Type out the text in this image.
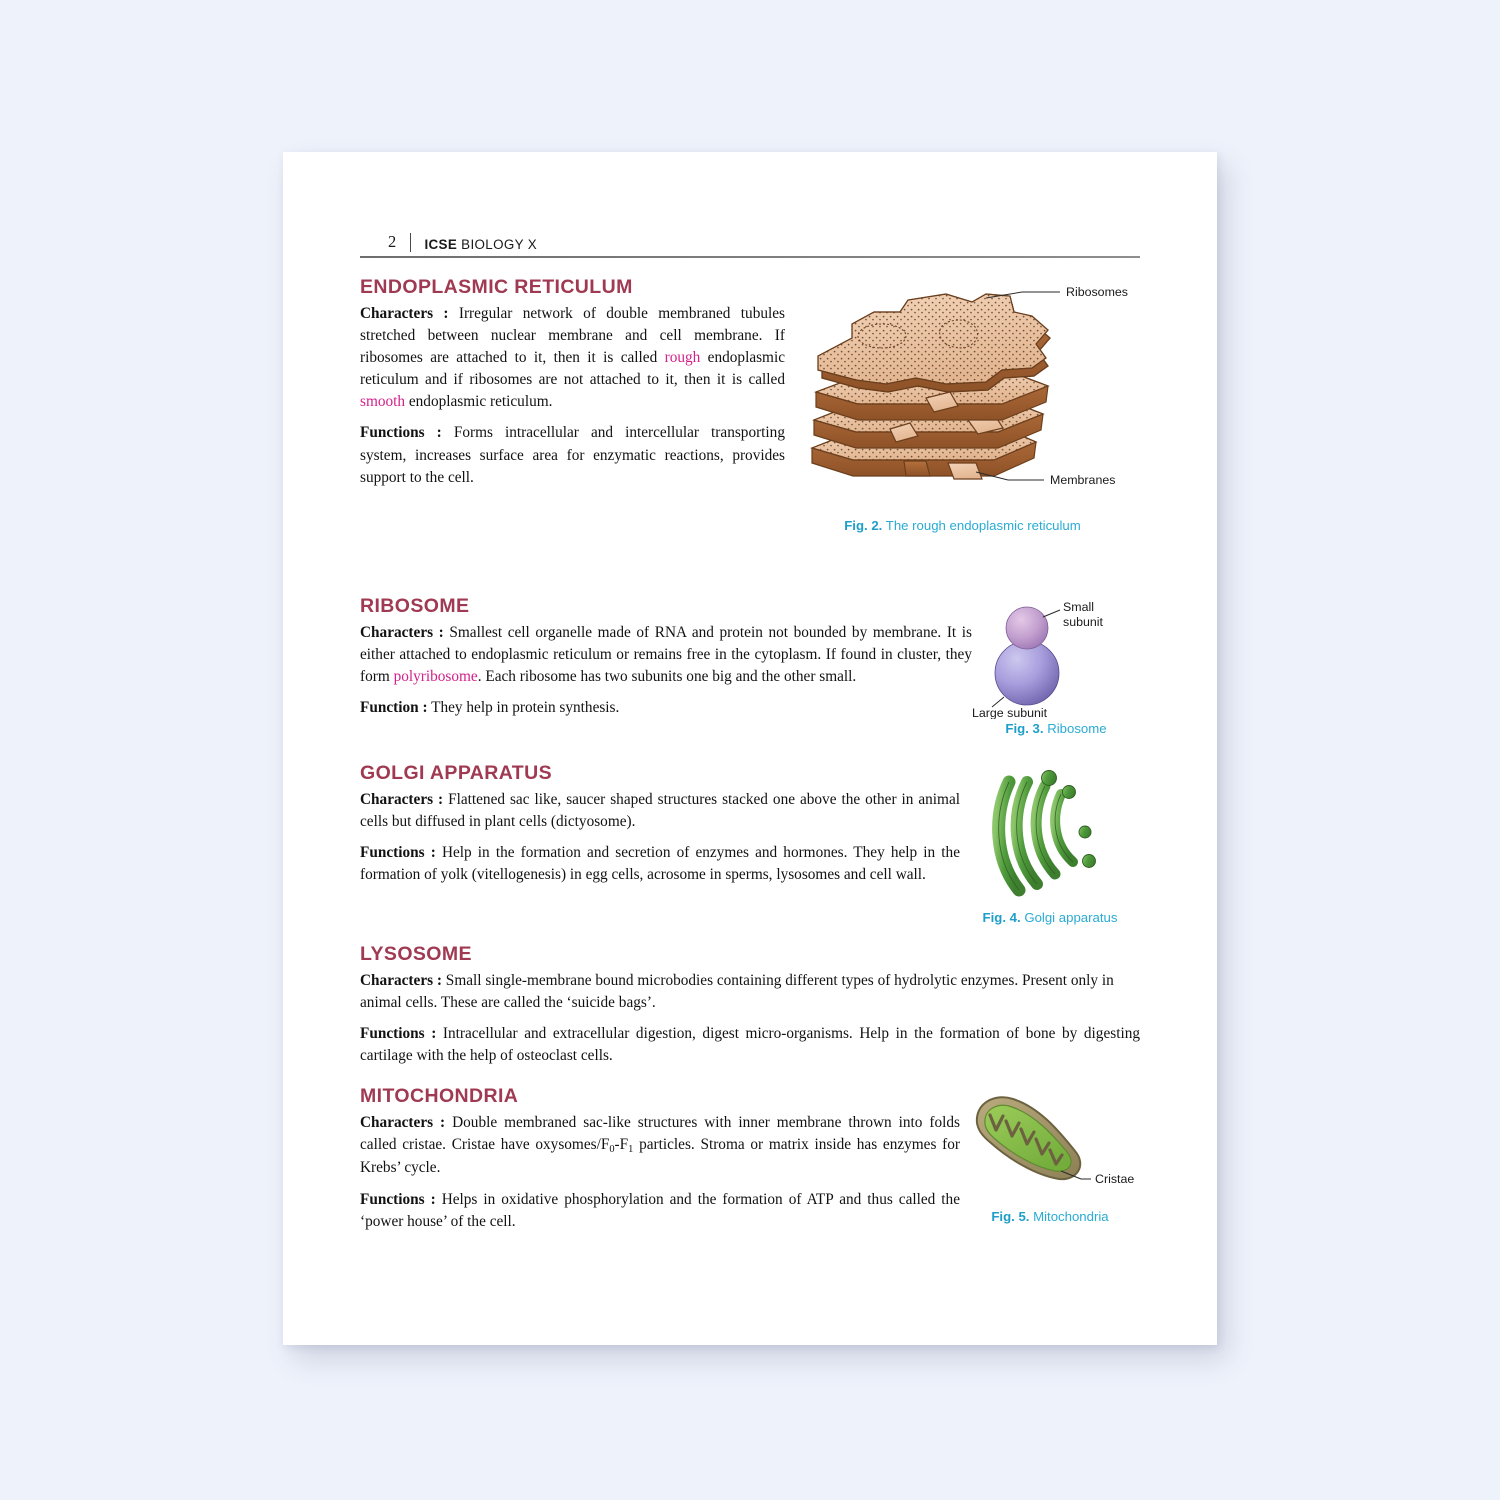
2 ICSE BIOLOGY X
ENDOPLASMIC RETICULUM

Characters : Irregular network of double membraned tubules stretched between nuclear membrane and cell membrane. If ribosomes are attached to it, then it is called rough endoplasmic reticulum and if ribosomes are not attached to it, then it is called smooth endoplasmic reticulum.

Functions : Forms intracellular and intercellular transporting system, increases surface area for enzymatic reactions, provides support to the cell.

Ribosomes
Membranes
Fig. 2. The rough endoplasmic reticulum
RIBOSOME

Characters : Smallest cell organelle made of RNA and protein not bounded by membrane. It is either attached to endoplasmic reticulum or remains free in the cytoplasm. If found in cluster, they form polyribosome. Each ribosome has two subunits one big and the other small.

Function : They help in protein synthesis.

Small
subunit
Large subunit
Fig. 3. Ribosome
GOLGI APPARATUS

Characters : Flattened sac like, saucer shaped structures stacked one above the other in animal cells but diffused in plant cells (dictyosome).

Functions : Help in the formation and secretion of enzymes and hormones. They help in the formation of yolk (vitellogenesis) in egg cells, acrosome in sperms, lysosomes and cell wall.

Fig. 4. Golgi apparatus
LYSOSOME

Characters : Small single-membrane bound microbodies containing different types of hydrolytic enzymes. Present only in animal cells. These are called the ‘suicide bags’.

Functions : Intracellular and extracellular digestion, digest micro-organisms. Help in the formation of bone by digesting cartilage with the help of osteoclast cells.

MITOCHONDRIA

Characters : Double membraned sac-like structures with inner membrane thrown into folds called cristae. Cristae have oxysomes/$F_0-F_1$ particles. Stroma or matrix inside has enzymes for Krebs’ cycle.

Functions : Helps in oxidative phosphorylation and the formation of ATP and thus called the ‘power house’ of the cell.

Cristae
Fig. 5. Mitochondria
